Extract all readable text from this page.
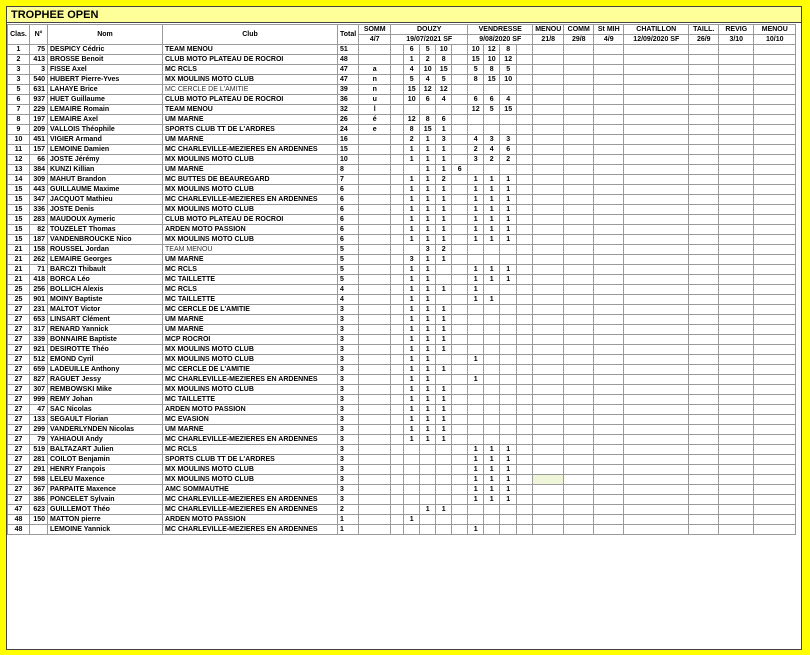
TROPHEE OPEN
Clas.	N°	Nom	Club	Total	SOMM	DOUZY					VENDRESSE				MENOU	COMM	St MIH	CHATILLON	TAILL.	REVIG	MENOU
					4/7	19/07/2021 SF					9/08/2020 SF				21/8	29/8	4/9	12/09/2020 SF	26/9	3/10	10/10
1	75	DESPICY Cédric	TEAM MENOU	51			6	5	10		10	12	8								
2	413	BROSSE Benoit	CLUB MOTO PLATEAU DE ROCROI	48			1	2	8		15	10	12								
3	3	FISSE Axel	MC RCLS	47	a		4	10	15		5	8	5								
3	540	HUBERT Pierre-Yves	MX MOULINS MOTO CLUB	47	n		5	4	5		8	15	10								
5	631	LAHAYE Brice	MC CERCLE DE L'AMITIE	39	n		15	12	12												
6	937	HUET Guillaume	CLUB MOTO PLATEAU DE ROCROI	36	u		10	6	4		6	6	4								
7	229	LEMAIRE Romain	TEAM MENOU	32	l						12	5	15								
8	197	LEMAIRE Axel	UM MARNE	26	é		12	8	6												
9	209	VALLOIS Théophile	SPORTS CLUB TT DE L'ARDRES	24	e		8	15	1												
10	451	VIGIER Armand	UM MARNE	16			2	1	3		4	3	3								
11	157	LEMOINE Damien	MC CHARLEVILLE-MEZIERES EN ARDENNES	15			1	1	1		2	4	6								
12	66	JOSTE Jérémy	MX MOULINS MOTO CLUB	10			1	1	1		3	2	2								
13	384	KUNZI Killian	UM MARNE	8				1	1	6											
14	309	MAHUT Brandon	MC BUTTES DE BEAUREGARD	7			1	1	2		1	1	1								
15	443	GUILLAUME Maxime	MX MOULINS MOTO CLUB	6			1	1	1		1	1	1								
15	347	JACQUOT Mathieu	MC CHARLEVILLE-MEZIERES EN ARDENNES	6			1	1	1		1	1	1								
15	336	JOSTE Denis	MX MOULINS MOTO CLUB	6			1	1	1		1	1	1								
15	283	MAUDOUX Aymeric	CLUB MOTO PLATEAU DE ROCROI	6			1	1	1		1	1	1								
15	82	TOUZELET Thomas	ARDEN MOTO PASSION	6			1	1	1		1	1	1								
15	187	VANDENBROUCKE Nico	MX MOULINS MOTO CLUB	6			1	1	1		1	1	1								
21	158	ROUSSEL Jordan	TEAM MENOU	5				3	2												
21	262	LEMAIRE Georges	UM MARNE	5			3	1	1												
21	71	BARCZI Thibault	MC RCLS	5			1	1			1	1	1								
21	418	BORCA Léo	MC TAILLETTE	5			1	1			1	1	1								
25	256	BOLLICH Alexis	MC RCLS	4			1	1	1		1										
25	901	MOINY Baptiste	MC TAILLETTE	4			1	1			1	1									
27	231	MALTOT Victor	MC CERCLE DE L'AMITIE	3			1	1	1												
27	653	LINSART Clément	UM MARNE	3			1	1	1												
27	317	RENARD Yannick	UM MARNE	3			1	1	1												
27	339	BONNAIRE Baptiste	MCP ROCROI	3			1	1	1												
27	921	DESIROTTE Théo	MX MOULINS MOTO CLUB	3			1	1	1												
27	512	EMOND Cyril	MX MOULINS MOTO CLUB	3			1	1			1										
27	659	LADEUILLE Anthony	MC CERCLE DE L'AMITIE	3			1	1	1												
27	827	RAGUET Jessy	MC CHARLEVILLE-MEZIERES EN ARDENNES	3			1	1			1										
27	307	REMBOWSKI Mike	MX MOULINS MOTO CLUB	3			1	1	1												
27	999	REMY Johan	MC TAILLETTE	3			1	1	1												
27	47	SAC Nicolas	ARDEN MOTO PASSION	3			1	1	1												
27	133	SEGAULT Florian	MC EVASION	3			1	1	1												
27	299	VANDERLYNDEN Nicolas	UM MARNE	3			1	1	1												
27	79	YAHIAOUI Andy	MC CHARLEVILLE-MEZIERES EN ARDENNES	3			1	1	1												
27	519	BALTAZART Julien	MC RCLS	3							1	1	1								
27	281	COILOT Benjamin	SPORTS CLUB TT DE L'ARDRES	3							1	1	1								
27	291	HENRY François	MX MOULINS MOTO CLUB	3							1	1	1								
27	598	LELEU Maxence	MX MOULINS MOTO CLUB	3							1	1	1								
27	367	PARPAITE Maxence	AMC SOMMAUTHE	3							1	1	1								
27	386	PONCELET Sylvain	MC CHARLEVILLE-MEZIERES EN ARDENNES	3							1	1	1								
47	623	GUILLEMOT Théo	MC CHARLEVILLE-MEZIERES EN ARDENNES	2				1	1												
48	150	MATTON pierre	ARDEN MOTO PASSION	1			1														
48		LEMOINE Yannick	MC CHARLEVILLE-MEZIERES EN ARDENNES	1							1										
